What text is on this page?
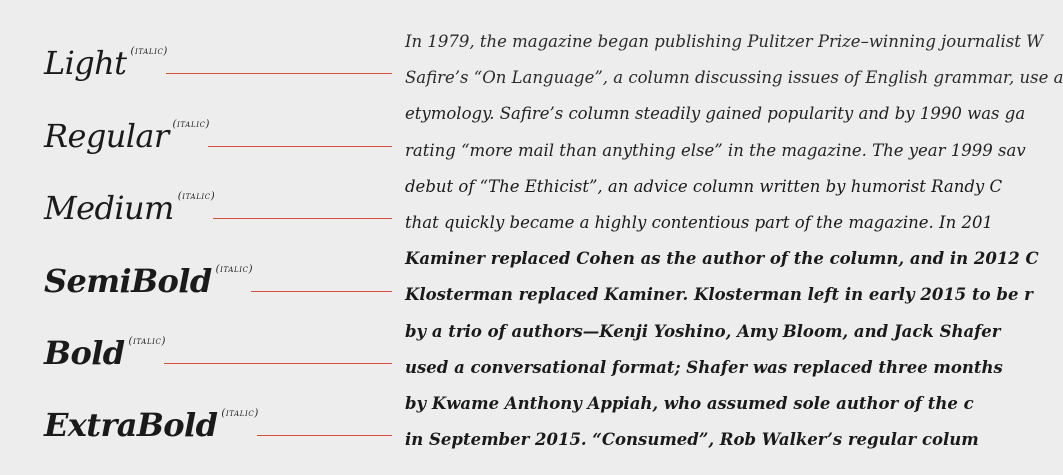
Light (italic)
Regular (italic)
Medium (italic)
SemiBold (italic)
Bold (italic)
ExtraBold (italic)
In 1979, the magazine began publishing Pulitzer Prize–winning journalist W
Safire’s “On Language”, a column discussing issues of English grammar, use a
etymology. Safire’s column steadily gained popularity and by 1990 was ga
rating “more mail than anything else” in the magazine. The year 1999 sav
debut of “The Ethicist”, an advice column written by humorist Randy C
that quickly became a highly contentious part of the magazine. In 201
Kaminer replaced Cohen as the author of the column, and in 2012 C
Klosterman replaced Kaminer. Klosterman left in early 2015 to be r
by a trio of authors—Kenji Yoshino, Amy Bloom, and Jack Shafer
used a conversational format; Shafer was replaced three months
by Kwame Anthony Appiah, who assumed sole author of the c
in September 2015. “Consumed”, Rob Walker’s regular colum
